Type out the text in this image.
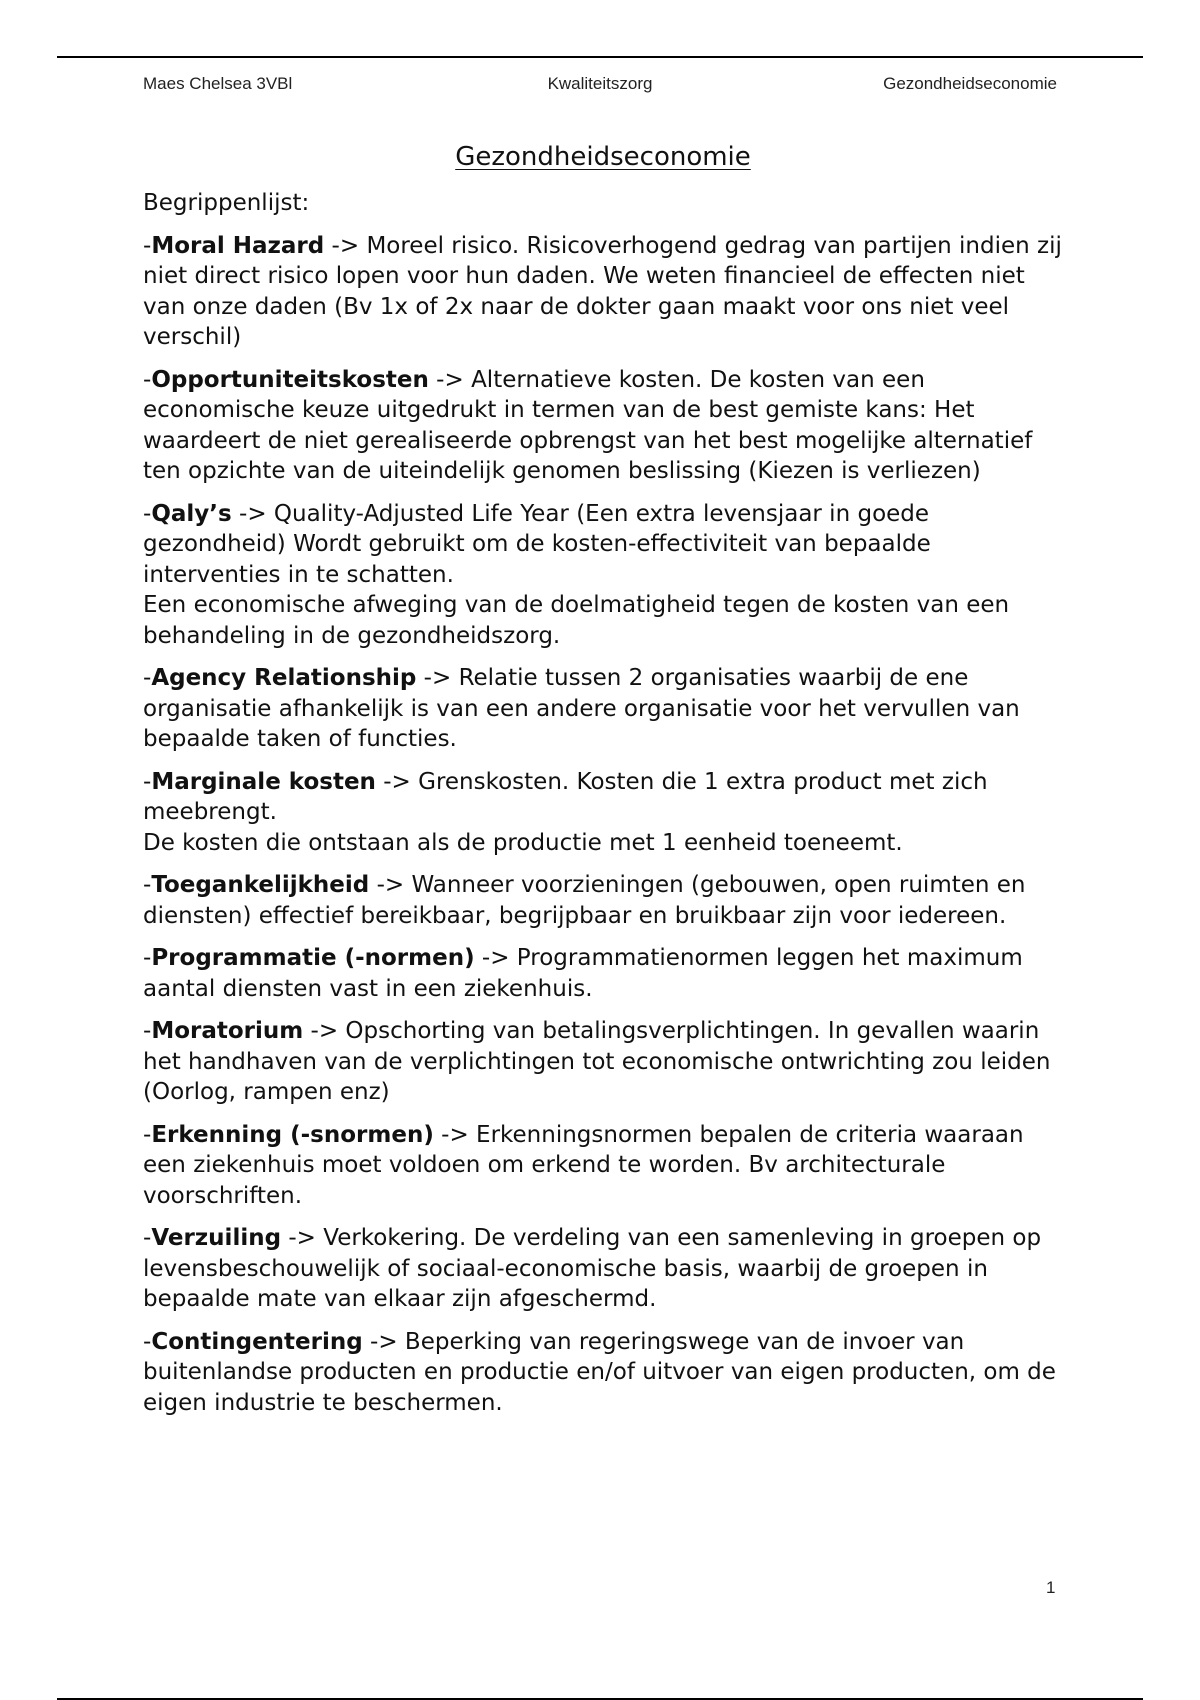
Maes Chelsea 3VBl	Kwaliteitszorg	Gezondheidseconomie
Gezondheidseconomie
Begrippenlijst:
-Moral Hazard -> Moreel risico. Risicoverhogend gedrag van partijen indien zij niet direct risico lopen voor hun daden. We weten financieel de effecten niet van onze daden (Bv 1x of 2x naar de dokter gaan maakt voor ons niet veel verschil)
-Opportuniteitskosten -> Alternatieve kosten. De kosten van een economische keuze uitgedrukt in termen van de best gemiste kans: Het waardeert de niet gerealiseerde opbrengst van het best mogelijke alternatief ten opzichte van de uiteindelijk genomen beslissing (Kiezen is verliezen)
-Qaly’s -> Quality-Adjusted Life Year (Een extra levensjaar in goede gezondheid) Wordt gebruikt om de kosten-effectiviteit van bepaalde interventies in te schatten.
Een economische afweging van de doelmatigheid tegen de kosten van een behandeling in de gezondheidszorg.
-Agency Relationship -> Relatie tussen 2 organisaties waarbij de ene organisatie afhankelijk is van een andere organisatie voor het vervullen van bepaalde taken of functies.
-Marginale kosten -> Grenskosten. Kosten die 1 extra product met zich meebrengt.
De kosten die ontstaan als de productie met 1 eenheid toeneemt.
-Toegankelijkheid -> Wanneer voorzieningen (gebouwen, open ruimten en diensten) effectief bereikbaar, begrijpbaar en bruikbaar zijn voor iedereen.
-Programmatie (-normen) -> Programmatienormen leggen het maximum aantal diensten vast in een ziekenhuis.
-Moratorium -> Opschorting van betalingsverplichtingen. In gevallen waarin het handhaven van de verplichtingen tot economische ontwrichting zou leiden (Oorlog, rampen enz)
-Erkenning (-snormen) -> Erkenningsnormen bepalen de criteria waaraan een ziekenhuis moet voldoen om erkend te worden. Bv architecturale voorschriften.
-Verzuiling -> Verkokering. De verdeling van een samenleving in groepen op levensbeschouwelijk of sociaal-economische basis, waarbij de groepen in bepaalde mate van elkaar zijn afgeschermd.
-Contingentering -> Beperking van regeringswege van de invoer van buitenlandse producten en productie en/of uitvoer van eigen producten, om de eigen industrie te beschermen.
1
